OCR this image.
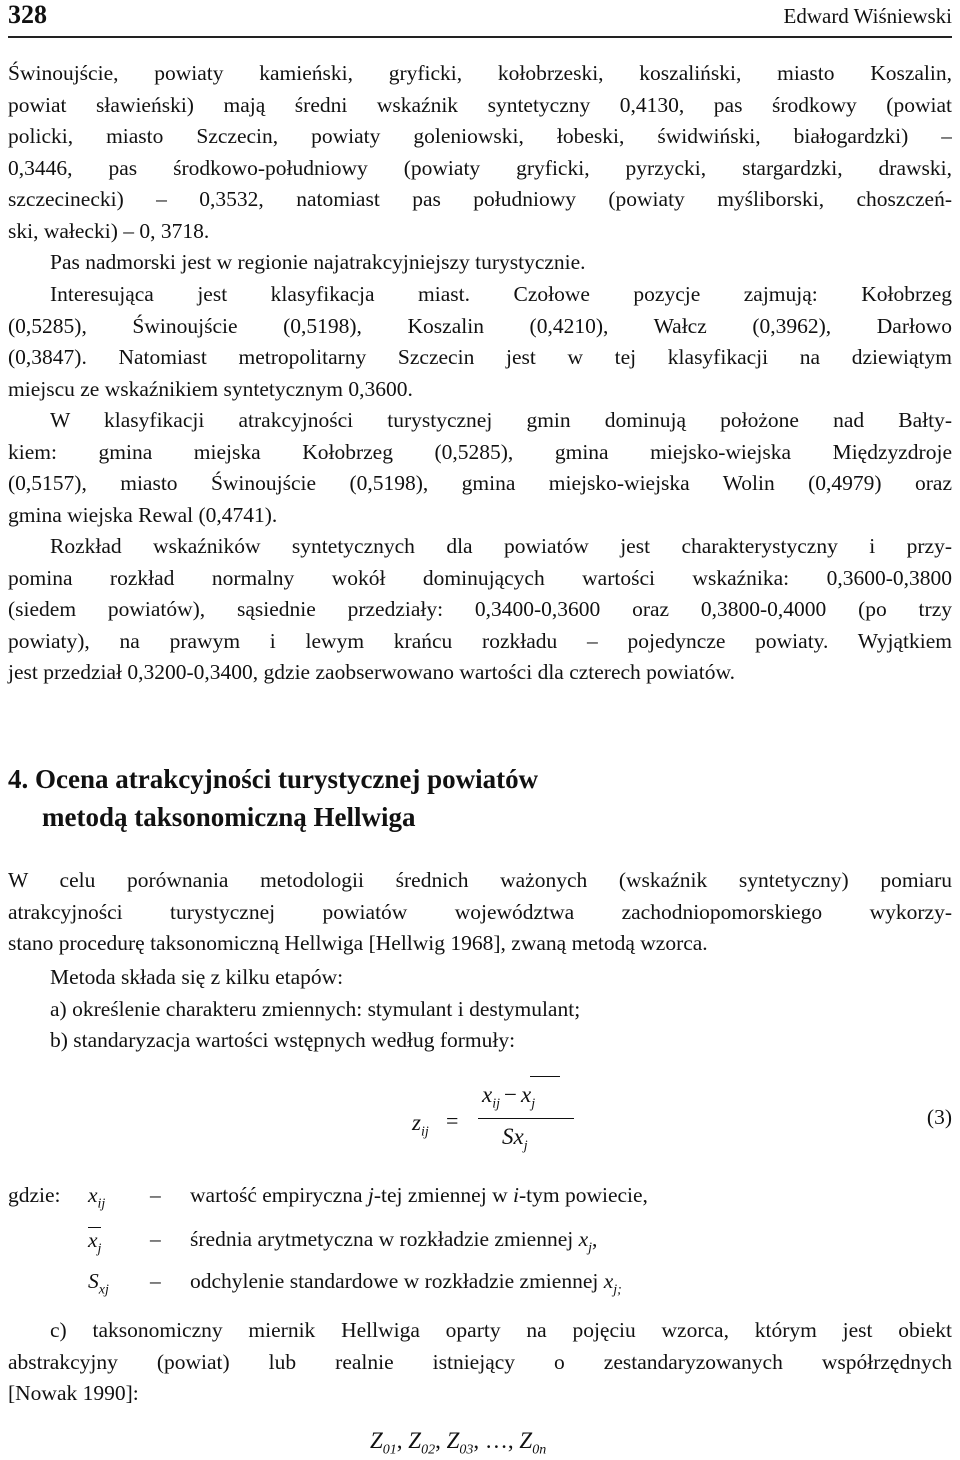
328	Edward Wiśniewski
Świnoujście, powiaty kamieński, gryficki, kołobrzeski, koszaliński, miasto Koszalin,
powiat sławieński) mają średni wskaźnik syntetyczny 0,4130, pas środkowy (powiat
policki, miasto Szczecin, powiaty goleniowski, łobeski, świdwiński, białogardzki) –
0,3446, pas środkowo-południowy (powiaty gryficki, pyrzycki, stargardzki, drawski,
szczecinecki) – 0,3532, natomiast pas południowy (powiaty myśliborski, choszczeń-
ski, wałecki) – 0, 3718.
Pas nadmorski jest w regionie najatrakcyjniejszy turystycznie.
Interesująca jest klasyfikacja miast. Czołowe pozycje zajmują: Kołobrzeg
(0,5285), Świnoujście (0,5198), Koszalin (0,4210), Wałcz (0,3962), Darłowo
(0,3847). Natomiast metropolitarny Szczecin jest w tej klasyfikacji na dziewiątym
miejscu ze wskaźnikiem syntetycznym 0,3600.
W klasyfikacji atrakcyjności turystycznej gmin dominują położone nad Bałty-
kiem: gmina miejska Kołobrzeg (0,5285), gmina miejsko-wiejska Międzyzdroje
(0,5157), miasto Świnoujście (0,5198), gmina miejsko-wiejska Wolin (0,4979) oraz
gmina wiejska Rewal (0,4741).
Rozkład wskaźników syntetycznych dla powiatów jest charakterystyczny i przy-
pomina rozkład normalny wokół dominujących wartości wskaźnika: 0,3600-0,3800
(siedem powiatów), sąsiednie przedziały: 0,3400-0,3600 oraz 0,3800-0,4000 (po trzy
powiaty), na prawym i lewym krańcu rozkładu – pojedyncze powiaty. Wyjątkiem
jest przedział 0,3200-0,3400, gdzie zaobserwowano wartości dla czterech powiatów.
4. Ocena atrakcyjności turystycznej powiatów
metodą taksonomiczną Hellwiga
W celu porównania metodologii średnich ważonych (wskaźnik syntetyczny) pomiaru
atrakcyjności turystycznej powiatów województwa zachodniopomorskiego wykorzy-
stano procedurę taksonomiczną Hellwiga [Hellwig 1968], zwaną metodą wzorca.
Metoda składa się z kilku etapów:
a) określenie charakteru zmiennych: stymulant i destymulant;
b) standaryzacja wartości wstępnych według formuły:
$z_{ij}$ =
$x_{ij} - x_j$
$Sx_j$
(3)
gdzie: $x_{ij}$ – wartość empiryczna j-tej zmiennej w i-tym powiecie,
$x_j$ – średnia arytmetyczna w rozkładzie zmiennej $x_j$,
$S_{xj}$ – odchylenie standardowe w rozkładzie zmiennej $x_{j;}$
c) taksonomiczny miernik Hellwiga oparty na pojęciu wzorca, którym jest obiekt
abstrakcyjny (powiat) lub realnie istniejący o zestandaryzowanych współrzędnych
[Nowak 1990]:
$Z_{01}$, $Z_{02}$, $Z_{03}$, …, $Z_{0n}$
